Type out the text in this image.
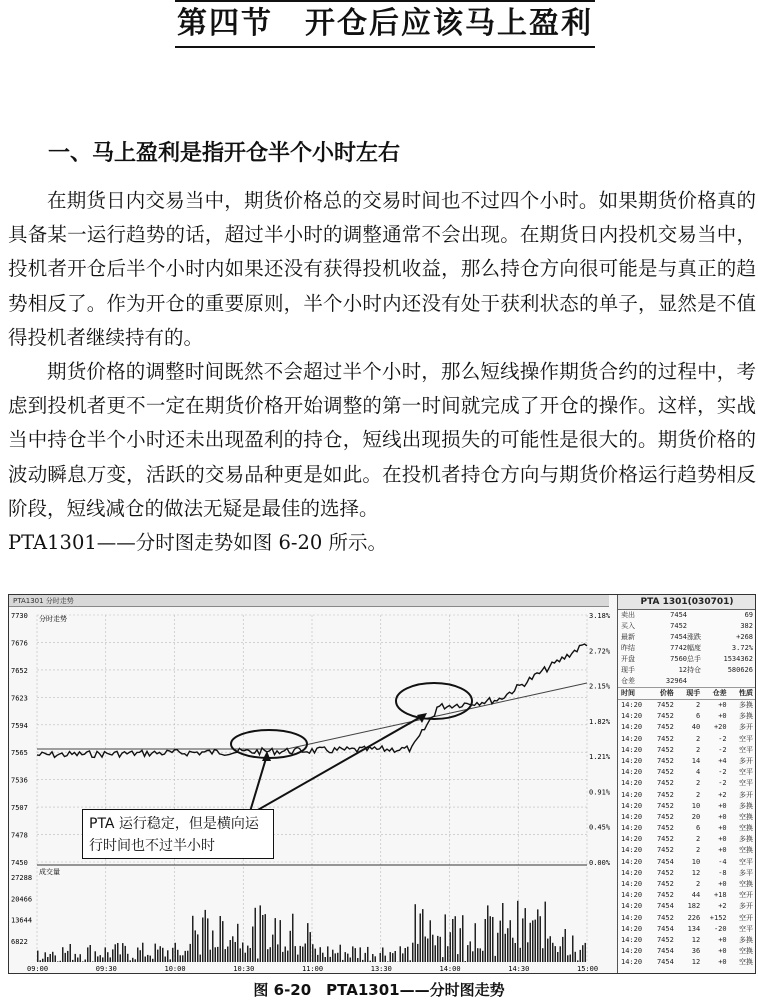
第四节　开仓后应该马上盈利
一、马上盈利是指开仓半个小时左右

在期货日内交易当中，期货价格总的交易时间也不过四个小时。如果期货价格真的具备某一运行趋势的话，超过半小时的调整通常不会出现。在期货日内投机交易当中，投机者开仓后半个小时内如果还没有获得投机收益，那么持仓方向很可能是与真正的趋势相反了。作为开仓的重要原则，半个小时内还没有处于获利状态的单子，显然是不值得投机者继续持有的。

期货价格的调整时间既然不会超过半个小时，那么短线操作期货合约的过程中，考虑到投机者更不一定在期货价格开始调整的第一时间就完成了开仓的操作。这样，实战当中持仓半个小时还未出现盈利的持仓，短线出现损失的可能性是很大的。期货价格的波动瞬息万变，活跃的交易品种更是如此。在投机者持仓方向与期货价格运行趋势相反阶段，短线减仓的做法无疑是最佳的选择。

PTA1301——分时图走势如图 6-20 所示。
PTA1301 分时走势
7730
7676
7652
7623
7594
7565
7536
7507
7478
7450
3.18%
2.72%
2.15%
1.82%
1.21%
0.91%
0.45%
0.00%
09:00	09:30	10:00	10:30	11:00	13:30	14:00	14:30	15:00
27288
20466
13644
6822
分时走势
成交量
PTA 1301(030701)
卖出	7454	69
买入	7452	382
最新	7454 涨跌	+268
昨结	7742 幅度	3.72%
开盘	7560 总手	1534362
现手	12 持仓	580626
仓差	32964
时间	价格	现手	仓差	性质
14:20	7452	2	+0	多换
14:20	7452	6	+0	多换
14:20	7452	40	+20	多开
14:20	7452	2	-2	空平
14:20	7452	2	-2	空平
14:20	7452	14	+4	多开
14:20	7452	4	-2	空平
14:20	7452	2	-2	空平
14:20	7452	2	+2	多开
14:20	7452	10	+0	多换
14:20	7452	20	+0	空换
14:20	7452	6	+0	空换
14:20	7452	2	+0	多换
14:20	7452	2	+0	空换
14:20	7454	10	-4	空平
14:20	7452	12	-8	多平
14:20	7452	2	+0	空换
14:20	7452	44	+18	空开
14:20	7454	182	+2	多开
14:20	7452	226	+152	空开
14:20	7454	134	-20	空平
14:20	7452	12	+0	多换
14:20	7454	36	+0	空换
14:20	7454	12	+0	空换
PTA 运行稳定，但是横向运行时间也不过半小时
图 6-20　PTA1301——分时图走势
